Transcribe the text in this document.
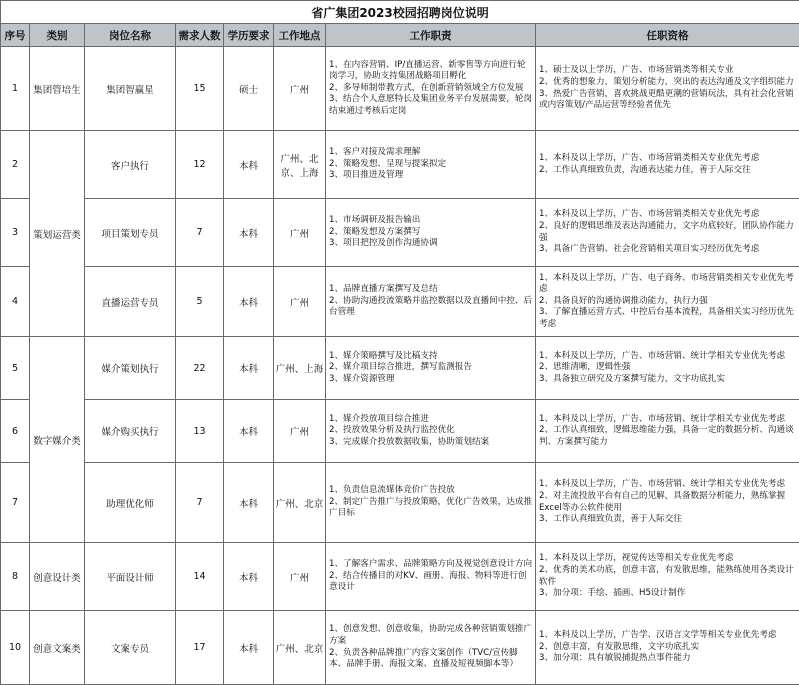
省广集团2023校园招聘岗位说明							
序号	类别	岗位名称	需求人数	学历要求	工作地点	工作职责	任职资格
1	集团管培生	集团智赢星	15	硕士	广州	1、在内容营销、IP/直播运营、新零售等方向进行轮岗学习，协助支持集团战略项目孵化
2、多导师制带教方式，在创新营销领域全方位发展
3、结合个人意愿特长及集团业务平台发展需要，轮岗结束通过考核后定岗	1、硕士及以上学历，广告、市场营销类等相关专业
2、优秀的想象力，策划分析能力，突出的表达沟通及文字组织能力
3、热爱广告营销，喜欢挑战更酷更潮的营销玩法，具有社会化营销或内容策划/产品运营等经验者优先

2	策划运营类	客户执行	12	本科	广州、北京、上海	1、客户对接及需求理解
2、策略发想、呈现与提案拟定
3、项目推进及管理	1、本科及以上学历，广告、市场营销类相关专业优先考虑
2、工作认真细致负责，沟通表达能力佳，善于人际交往

3		项目策划专员	7	本科	广州	1、市场调研及报告输出
2、策略发想及方案撰写
3、项目把控及创作沟通协调	1、本科及以上学历，广告、市场营销类相关专业优先考虑
2、良好的逻辑思维及表达沟通能力，文字功底较好，团队协作能力强
3、具备广告营销、社会化营销相关项目实习经历优先考虑

4		直播运营专员	5	本科	广州	1、品牌直播方案撰写及总结
2、协助沟通投流策略并监控数据以及直播间中控、后台管理	1、本科及以上学历，广告、电子商务、市场营销类相关专业优先考虑
2、具备良好的沟通协调推动能力，执行力强
3、了解直播运营方式、中控后台基本流程，具备相关实习经历优先考虑

5	数字媒介类	媒介策划执行	22	本科	广州、上海	1、媒介策略撰写及比稿支持
2、媒介项目综合推进，撰写监测报告
3、媒介资源管理	1、本科及以上学历，广告、市场营销、统计学相关专业优先考虑
2、思维清晰，逻辑性强
3、具备独立研究及方案撰写能力，文字功底扎实

6		媒介购买执行	13	本科	广州	1、媒介投放项目综合推进
2、投放效果分析及执行监控优化
3、完成媒介投放数据收集，协助策划结案	1、本科及以上学历，广告、市场营销、统计学相关专业优先考虑
2、工作认真细致，逻辑思维能力强，具备一定的数据分析、沟通谈判、方案撰写能力

7		助理优化师	7	本科	广州、北京	1、负责信息流媒体竞价广告投放
2、制定广告推广与投放策略，优化广告效果，达成推广目标	1、本科及以上学历，广告、市场营销、统计学相关专业优先考虑
2、对主流投放平台有自己的见解，具备数据分析能力，熟练掌握Excel等办公软件使用
3、工作认真细致负责，善于人际交往

8	创意设计类	平面设计师	14	本科	广州	1、了解客户需求、品牌策略方向及视觉创意设计方向
2、结合传播目的对KV、画册、海报、物料等进行创意设计	1、本科及以上学历，视觉传达等相关专业优先考虑
2、优秀的美术功底，创意丰富，有发散思维，能熟练使用各类设计软件
3、加分项：手绘、插画、H5设计制作

10	创意文案类	文案专员	17	本科	广州、北京	1、创意发想、创意收集，协助完成各种营销策划推广方案
2、负责各种品牌推广内容文案创作（TVC/宣传脚本、品牌手册、海报文案、直播及短视频脚本等）	1、本科及以上学历，广告学、汉语言文学等相关专业优先考虑
2、创意丰富，有发散思维，文字功底扎实
3、加分项：具有敏锐捕捉热点事件能力
